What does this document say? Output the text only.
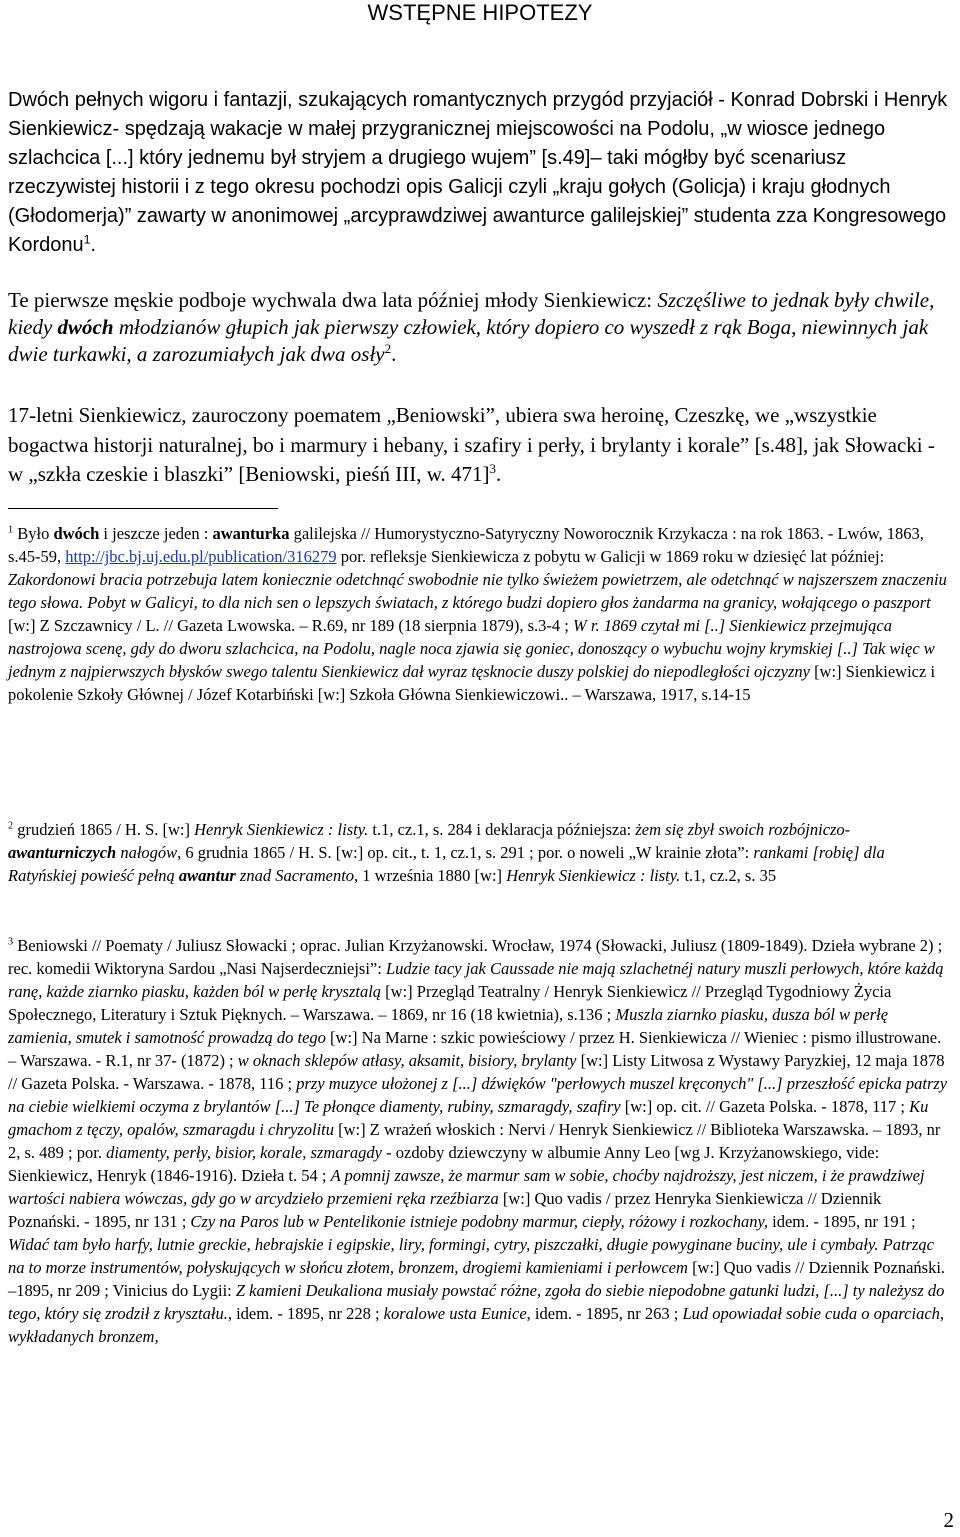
WSTĘPNE HIPOTEZY

Dwóch pełnych wigoru i fantazji, szukających romantycznych przygód przyjaciół - Konrad Dobrski i Henryk Sienkiewicz- spędzają wakacje w małej przygranicznej miejscowości na Podolu, „w wiosce jednego szlachcica [...] który jednemu był stryjem a drugiego wujem” [s.49]– taki mógłby być scenariusz rzeczywistej historii i z tego okresu pochodzi opis Galicji czyli „kraju gołych (Golicja) i kraju głodnych (Głodomerja)” zawarty w anonimowej „arcyprawdziwej awanturce galilejskiej” studenta zza Kongresowego Kordonu$^1$.

Te pierwsze męskie podboje wychwala dwa lata później młody Sienkiewicz: Szczęśliwe to jednak były chwile, kiedy dwóch młodzianów głupich jak pierwszy człowiek, który dopiero co wyszedł z rąk Boga, niewinnych jak dwie turkawki, a zarozumiałych jak dwa osły$^2$.

17-letni Sienkiewicz, zauroczony poematem „Beniowski”, ubiera swa heroinę, Czeszkę, we „wszystkie bogactwa historji naturalnej, bo i marmury i hebany, i szafiry i perły, i brylanty i korale” [s.48], jak Słowacki - w „szkła czeskie i blaszki” [Beniowski, pieśń III, w. 471]$^3$.

$^1$ Było dwóch i jeszcze jeden : awanturka galilejska // Humorystyczno-Satyryczny Noworocznik Krzykacza : na rok 1863. - Lwów, 1863, s.45-59, http://jbc.bj.uj.edu.pl/publication/316279 por. refleksje Sienkiewicza z pobytu w Galicji w 1869 roku w dziesięć lat później: Zakordonowi bracia potrzebuja latem koniecznie odetchnąć swobodnie nie tylko świeżem powietrzem, ale odetchnąć w najszerszem znaczeniu tego słowa. Pobyt w Galicyi, to dla nich sen o lepszych światach, z którego budzi dopiero głos żandarma na granicy, wołającego o paszport [w:] Z Szczawnicy / L. // Gazeta Lwowska. – R.69, nr 189 (18 sierpnia 1879), s.3-4 ; W r. 1869 czytał mi [..] Sienkiewicz przejmująca nastrojowa scenę, gdy do dworu szlachcica, na Podolu, nagle noca zjawia się goniec, donoszący o wybuchu wojny krymskiej [..] Tak więc w jednym z najpierwszych błysków swego talentu Sienkiewicz dał wyraz tęsknocie duszy polskiej do niepodległości ojczyzny [w:] Sienkiewicz i pokolenie Szkoły Głównej / Józef Kotarbiński [w:] Szkoła Główna Sienkiewiczowi.. – Warszawa, 1917, s.14-15

$^2$ grudzień 1865 / H. S. [w:] Henryk Sienkiewicz : listy. t.1, cz.1, s. 284 i deklaracja późniejsza: żem się zbył swoich rozbójniczo-awanturniczych nałogów, 6 grudnia 1865 / H. S. [w:] op. cit., t. 1, cz.1, s. 291 ; por. o noweli „W krainie złota”: rankami [robię] dla Ratyńskiej powieść pełną awantur znad Sacramento, 1 września 1880 [w:] Henryk Sienkiewicz : listy. t.1, cz.2, s. 35

$^3$ Beniowski // Poematy / Juliusz Słowacki ; oprac. Julian Krzyżanowski. Wrocław, 1974 (Słowacki, Juliusz (1809-1849). Dzieła wybrane 2) ; rec. komedii Wiktoryna Sardou „Nasi Najserdeczniejsi”: Ludzie tacy jak Caussade nie mają szlachetnéj natury muszli perłowych, które każdą ranę, każde ziarnko piasku, każden ból w perłę krysztalą [w:] Przegląd Teatralny / Henryk Sienkiewicz // Przegląd Tygodniowy Życia Społecznego, Literatury i Sztuk Pięknych. – Warszawa. – 1869, nr 16 (18 kwietnia), s.136 ; Muszla ziarnko piasku, dusza ból w perłę zamienia, smutek i samotność prowadzą do tego [w:] Na Marne : szkic powieściowy / przez H. Sienkiewicza // Wieniec : pismo illustrowane. – Warszawa. - R.1, nr 37- (1872) ; w oknach sklepów atłasy, aksamit, bisiory, brylanty [w:] Listy Litwosa z Wystawy Paryzkiej, 12 maja 1878 // Gazeta Polska. - Warszawa. - 1878, 116 ; przy muzyce ułożonej z [...] dźwięków "perłowych muszel kręconych" [...] przeszłość epicka patrzy na ciebie wielkiemi oczyma z brylantów [...] Te płonące diamenty, rubiny, szmaragdy, szafiry [w:] op. cit. // Gazeta Polska. - 1878, 117 ; Ku gmachom z tęczy, opalów, szmaragdu i chryzolitu [w:] Z wrażeń włoskich : Nervi / Henryk Sienkiewicz // Biblioteka Warszawska. – 1893, nr 2, s. 489 ; por. diamenty, perły, bisior, korale, szmaragdy - ozdoby dziewczyny w albumie Anny Leo [wg J. Krzyżanowskiego, vide: Sienkiewicz, Henryk (1846-1916). Dzieła t. 54 ; A pomnij zawsze, że marmur sam w sobie, choćby najdroższy, jest niczem, i że prawdziwej wartości nabiera wówczas, gdy go w arcydzieło przemieni ręka rzeźbiarza [w:] Quo vadis / przez Henryka Sienkiewicza // Dziennik Poznański. - 1895, nr 131 ; Czy na Paros lub w Pentelikonie istnieje podobny marmur, ciepły, różowy i rozkochany, idem. - 1895, nr 191 ; Widać tam było harfy, lutnie greckie, hebrajskie i egipskie, liry, formingi, cytry, piszczałki, długie powyginane buciny, ule i cymbały. Patrząc na to morze instrumentów, połyskujących w słońcu złotem, bronzem, drogiemi kamieniami i perłowcem [w:] Quo vadis // Dziennik Poznański. –1895, nr 209 ; Vinicius do Lygii: Z kamieni Deukaliona musiały powstać różne, zgoła do siebie niepodobne gatunki ludzi, [...] ty należysz do tego, który się zrodził z kryształu., idem. - 1895, nr 228 ; koralowe usta Eunice, idem. - 1895, nr 263 ; Lud opowiadał sobie cuda o oparciach, wykładanych bronzem,

2
